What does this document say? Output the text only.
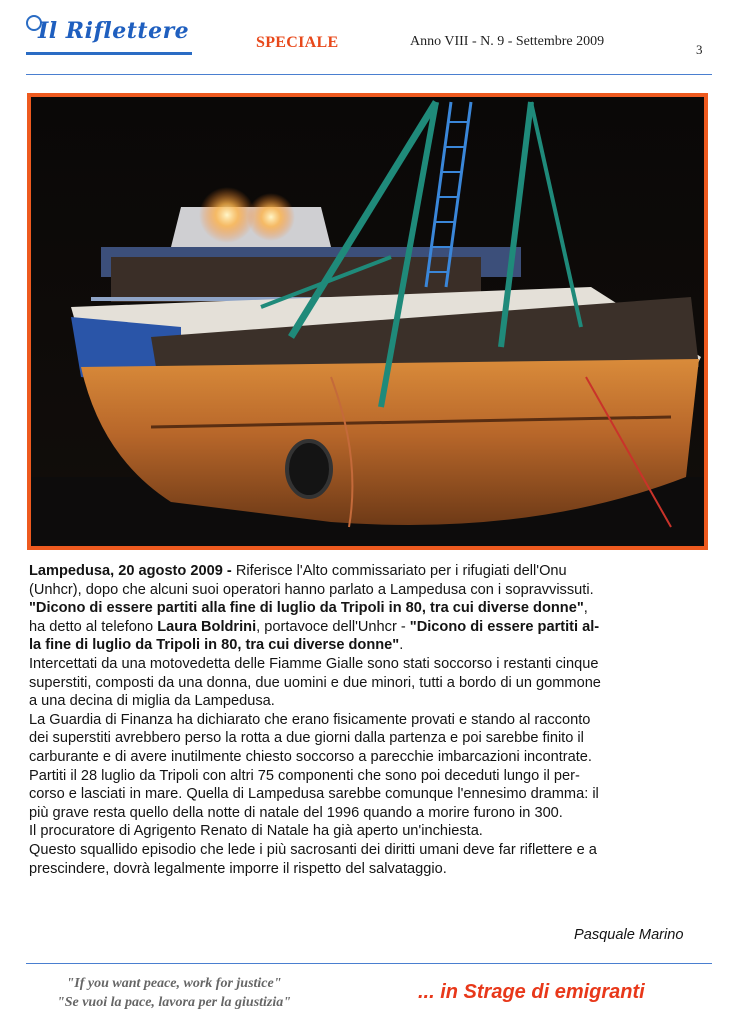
Il Riflettere	SPECIALE	Anno VIII - N. 9 - Settembre 2009
3

Lampedusa, 20 agosto 2009 - Riferisce l'Alto commissariato per i rifugiati dell'Onu

(Unhcr), dopo che alcuni suoi operatori hanno parlato a Lampedusa con i sopravvissuti.

"Dicono di essere partiti alla fine di luglio da Tripoli in 80, tra cui diverse donne",

ha detto al telefono Laura Boldrini, portavoce dell'Unhcr - "Dicono di essere partiti al-

la fine di luglio da Tripoli in 80, tra cui diverse donne".

Intercettati da una motovedetta delle Fiamme Gialle sono stati soccorso i restanti cinque

superstiti, composti da una donna, due uomini e due minori, tutti a bordo di un gommone

a una decina di miglia da Lampedusa.

La Guardia di Finanza ha dichiarato che erano fisicamente provati e stando al racconto

dei superstiti avrebbero perso la rotta a due giorni dalla partenza e poi sarebbe finito il

carburante e di avere inutilmente chiesto soccorso a parecchie imbarcazioni incontrate.

Partiti il 28 luglio da Tripoli con altri 75 componenti che sono poi deceduti lungo il per-

corso e lasciati in mare. Quella di Lampedusa sarebbe comunque l'ennesimo dramma: il

più grave resta quello della notte di natale del 1996 quando a morire furono in 300.

Il procuratore di Agrigento Renato di Natale ha già aperto un'inchiesta.

Questo squallido episodio che lede i più sacrosanti dei diritti umani deve far riflettere e a

prescindere, dovrà legalmente imporre il rispetto del salvataggio.

Pasquale Marino
"If you want peace, work for justice"
"Se vuoi la pace, lavora per la giustizia"	... in Strage di emigranti
